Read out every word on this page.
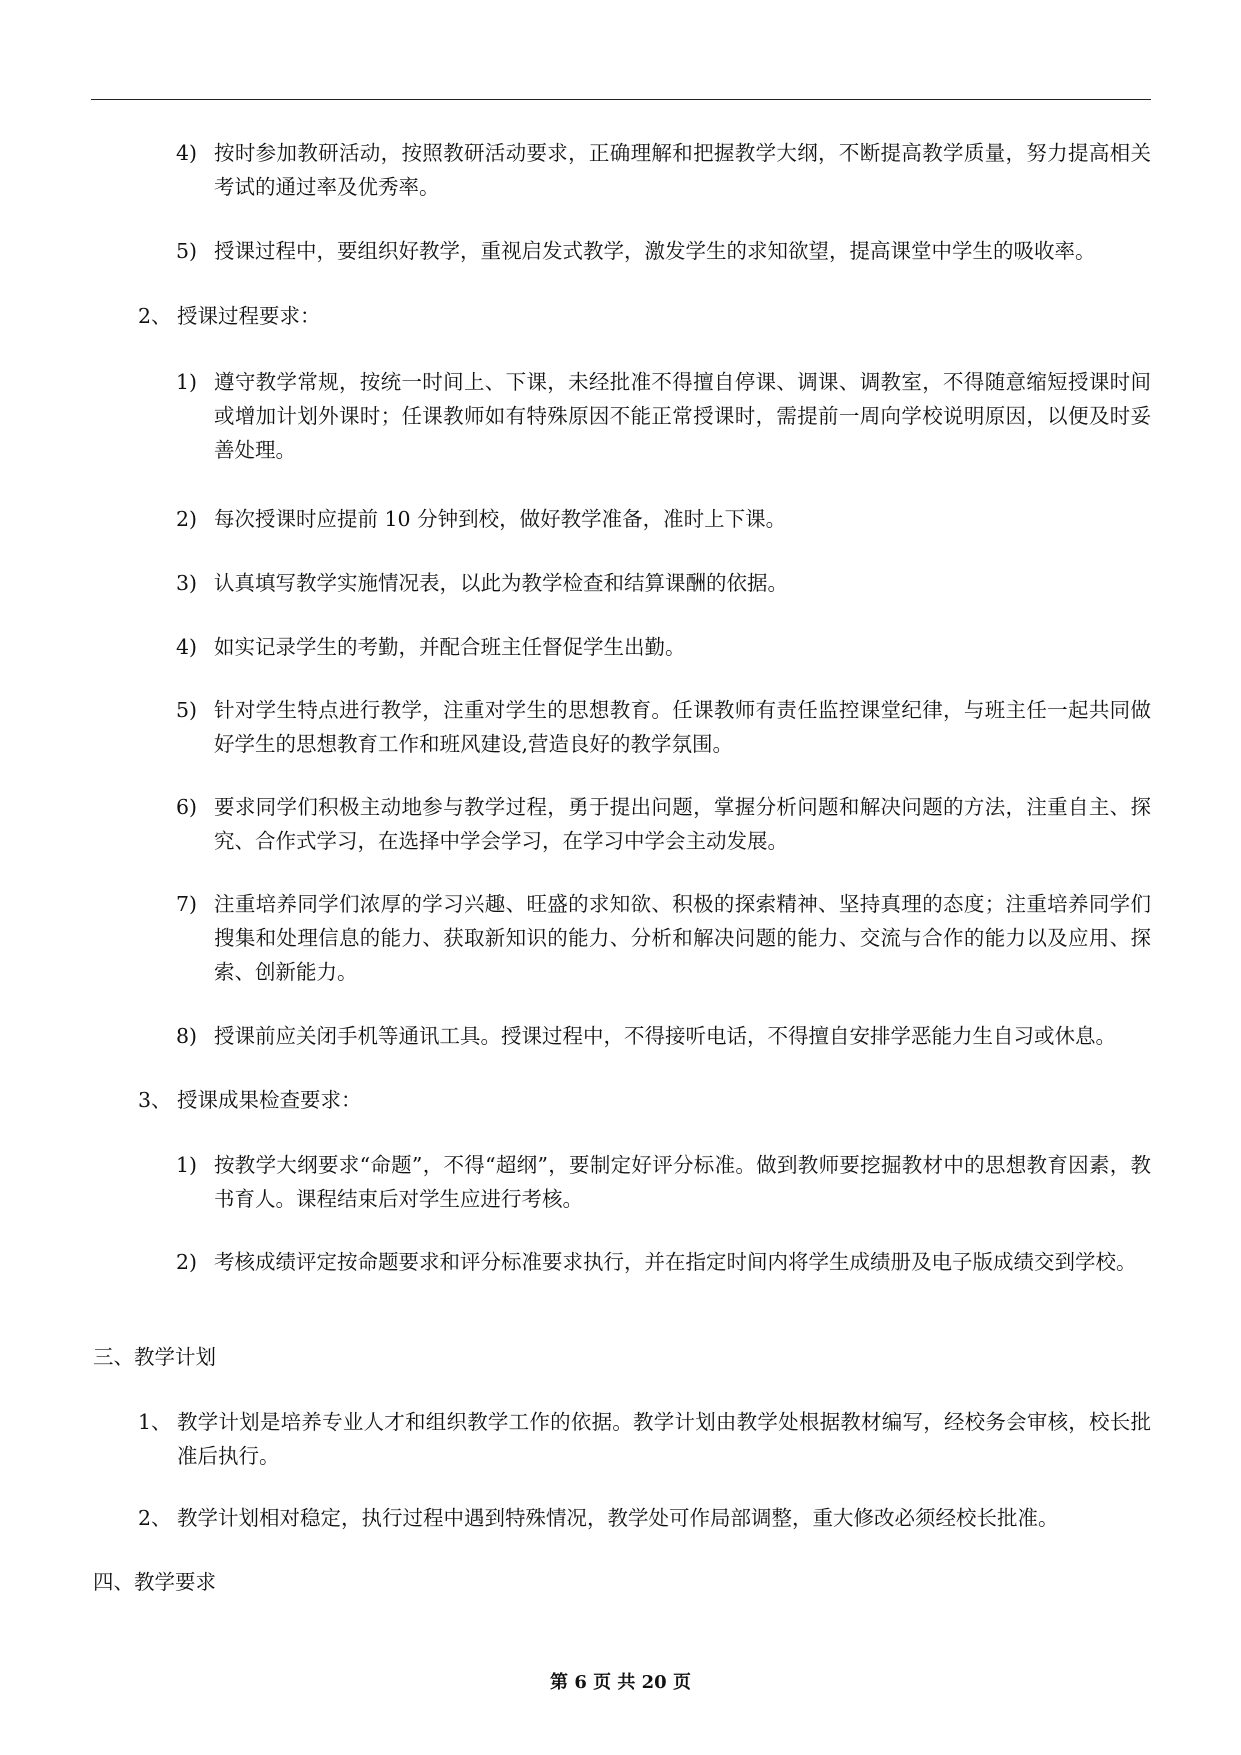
4) 按时参加教研活动，按照教研活动要求，正确理解和把握教学大纲，不断提高教学质量，努力提高相关考试的通过率及优秀率。
5) 授课过程中，要组织好教学，重视启发式教学，激发学生的求知欲望，提高课堂中学生的吸收率。
2、 授课过程要求：
1) 遵守教学常规，按统一时间上、下课，未经批准不得擅自停课、调课、调教室，不得随意缩短授课时间或增加计划外课时；任课教师如有特殊原因不能正常授课时，需提前一周向学校说明原因，以便及时妥善处理。
2) 每次授课时应提前 10 分钟到校，做好教学准备，准时上下课。
3) 认真填写教学实施情况表，以此为教学检查和结算课酬的依据。
4) 如实记录学生的考勤，并配合班主任督促学生出勤。
5) 针对学生特点进行教学，注重对学生的思想教育。任课教师有责任监控课堂纪律，与班主任一起共同做好学生的思想教育工作和班风建设,营造良好的教学氛围。
6) 要求同学们积极主动地参与教学过程，勇于提出问题，掌握分析问题和解决问题的方法，注重自主、探究、合作式学习，在选择中学会学习，在学习中学会主动发展。
7) 注重培养同学们浓厚的学习兴趣、旺盛的求知欲、积极的探索精神、坚持真理的态度；注重培养同学们搜集和处理信息的能力、获取新知识的能力、分析和解决问题的能力、交流与合作的能力以及应用、探索、创新能力。
8) 授课前应关闭手机等通讯工具。授课过程中，不得接听电话，不得擅自安排学恶能力生自习或休息。
3、 授课成果检查要求：
1) 按教学大纲要求“命题”，不得“超纲”，要制定好评分标准。做到教师要挖掘教材中的思想教育因素，教书育人。课程结束后对学生应进行考核。
2) 考核成绩评定按命题要求和评分标准要求执行，并在指定时间内将学生成绩册及电子版成绩交到学校。
三、教学计划
1、 教学计划是培养专业人才和组织教学工作的依据。教学计划由教学处根据教材编写，经校务会审核，校长批准后执行。
2、 教学计划相对稳定，执行过程中遇到特殊情况，教学处可作局部调整，重大修改必须经校长批准。
四、教学要求
第 6 页 共 20 页
